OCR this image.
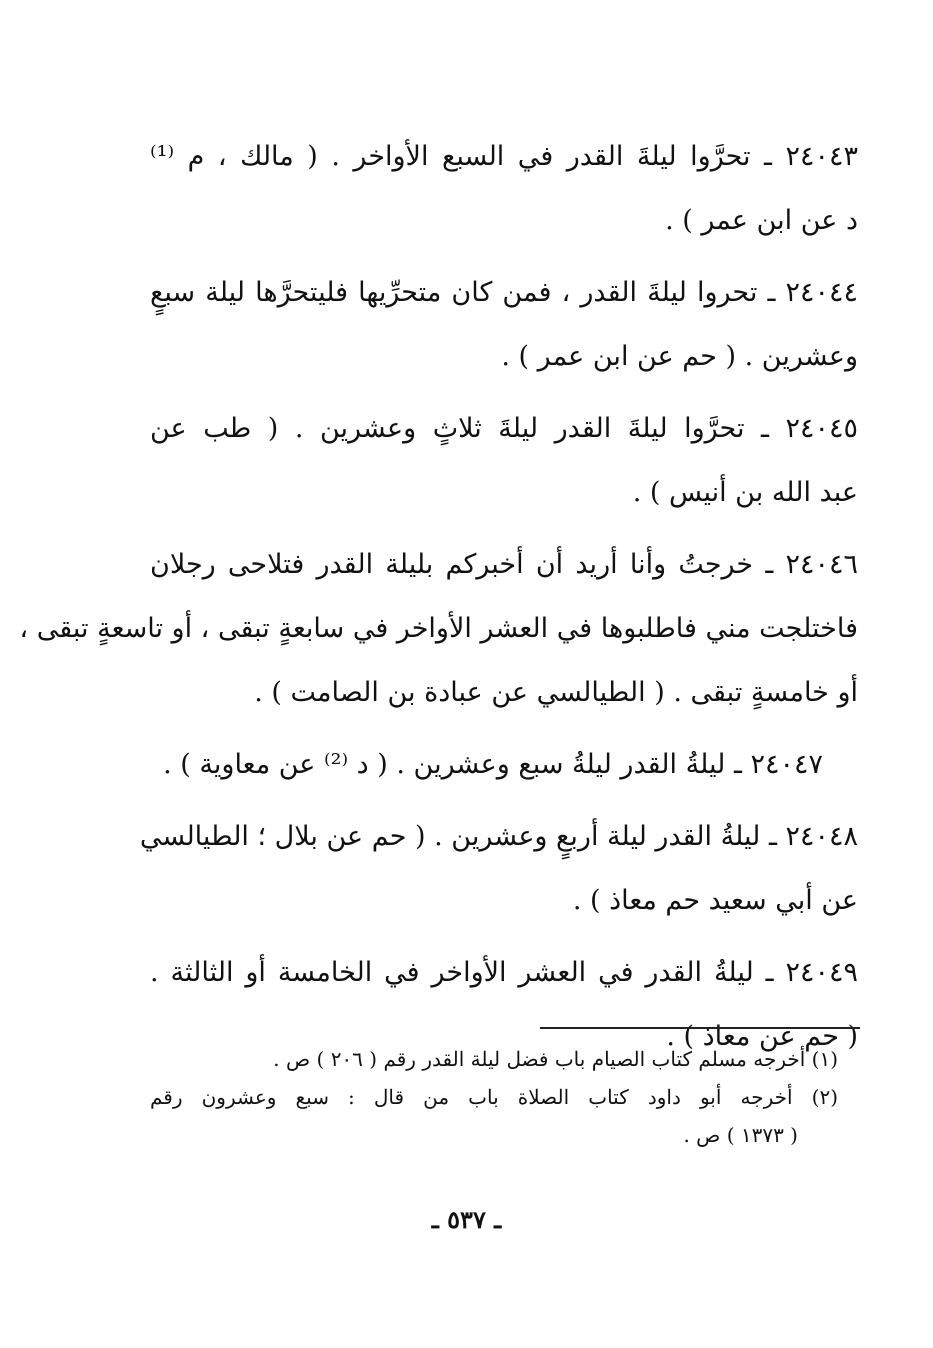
٢٤٠٤٣ ـ تحرَّوا ليلةَ القدر في السبع الأواخر . ( مالك ، م ⁽¹⁾
د عن ابن عمر ) .
٢٤٠٤٤ ـ تحروا ليلةَ القدر ، فمن كان متحرِّيها فليتحرَّها ليلة سبعٍ
وعشرين . ( حم عن ابن عمر ) .
٢٤٠٤٥ ـ تحرَّوا ليلةَ القدر ليلةَ ثلاثٍ وعشرين . ( طب عن
عبد الله بن أنيس ) .
٢٤٠٤٦ ـ خرجتُ وأنا أريد أن أخبركم بليلة القدر فتلاحى رجلان
فاختلجت مني فاطلبوها في العشر الأواخر في سابعةٍ تبقى ، أو تاسعةٍ تبقى ،
أو خامسةٍ تبقى . ( الطيالسي عن عبادة بن الصامت ) .
٢٤٠٤٧ ـ ليلةُ القدر ليلةُ سبع وعشرين . ( د ⁽²⁾ عن معاوية ) .
٢٤٠٤٨ ـ ليلةُ القدر ليلة أربعٍ وعشرين . ( حم عن بلال ؛ الطيالسي
عن أبي سعيد حم معاذ ) .
٢٤٠٤٩ ـ ليلةُ القدر في العشر الأواخر في الخامسة أو الثالثة .
( حم عن معاذ ) .
(١) أخرجه مسلم كتاب الصيام باب فضل ليلة القدر رقم ( ٢٠٦ ) ص .
(٢) أخرجه أبو داود كتاب الصلاة باب من قال : سبع وعشرون رقم
( ١٣٧٣ ) ص .
ـ ٥٣٧ ـ
